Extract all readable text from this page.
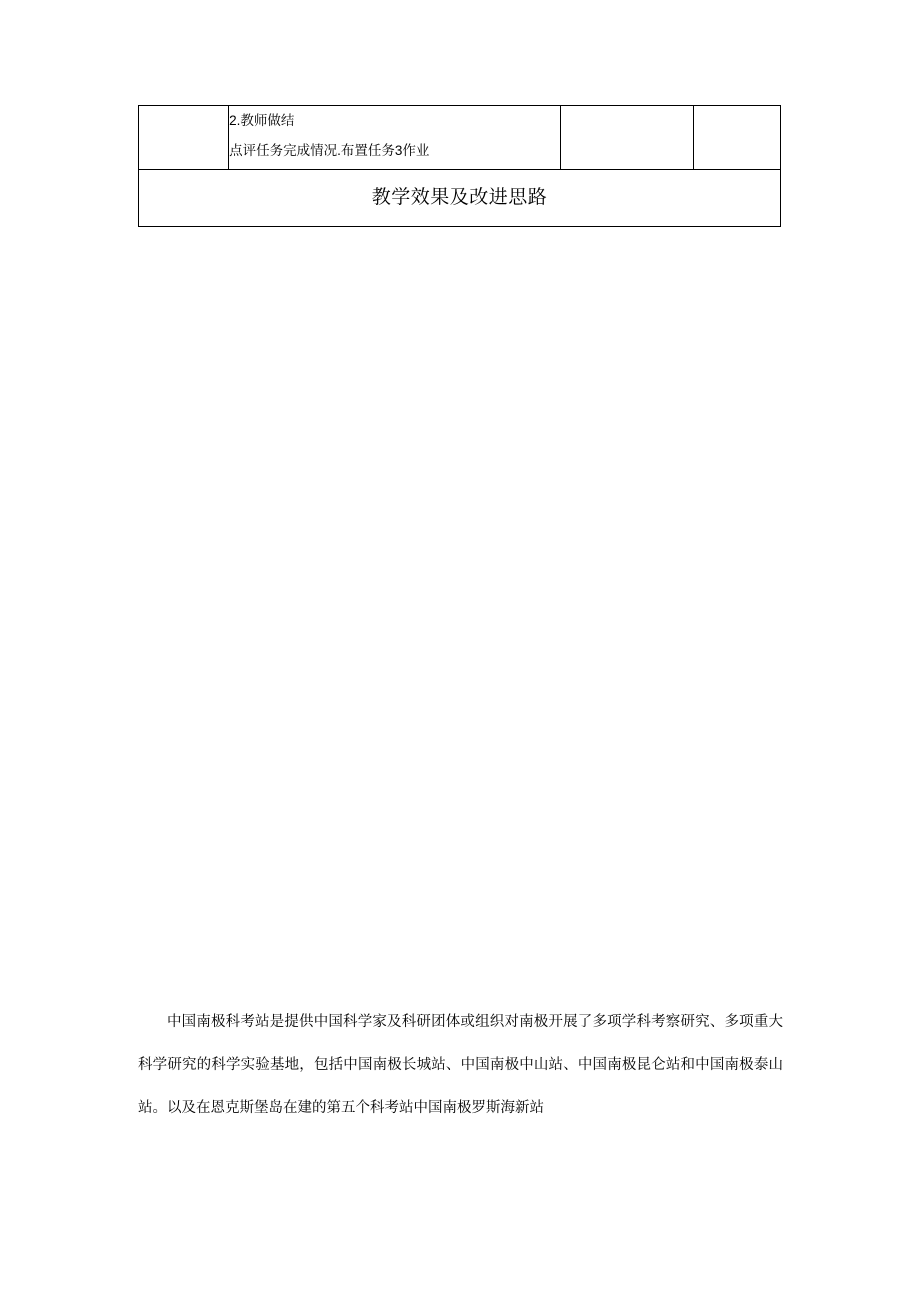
2.教师做结
点评任务完成情况.布置任务3作业

教学效果及改进思路

中国南极科考站是提供中国科学家及科研团体或组织对南极开展了多项学科考察研究、多项重大科学研究的科学实验基地，包括中国南极长城站、中国南极中山站、中国南极昆仑站和中国南极泰山站。以及在恩克斯堡岛在建的第五个科考站中国南极罗斯海新站
